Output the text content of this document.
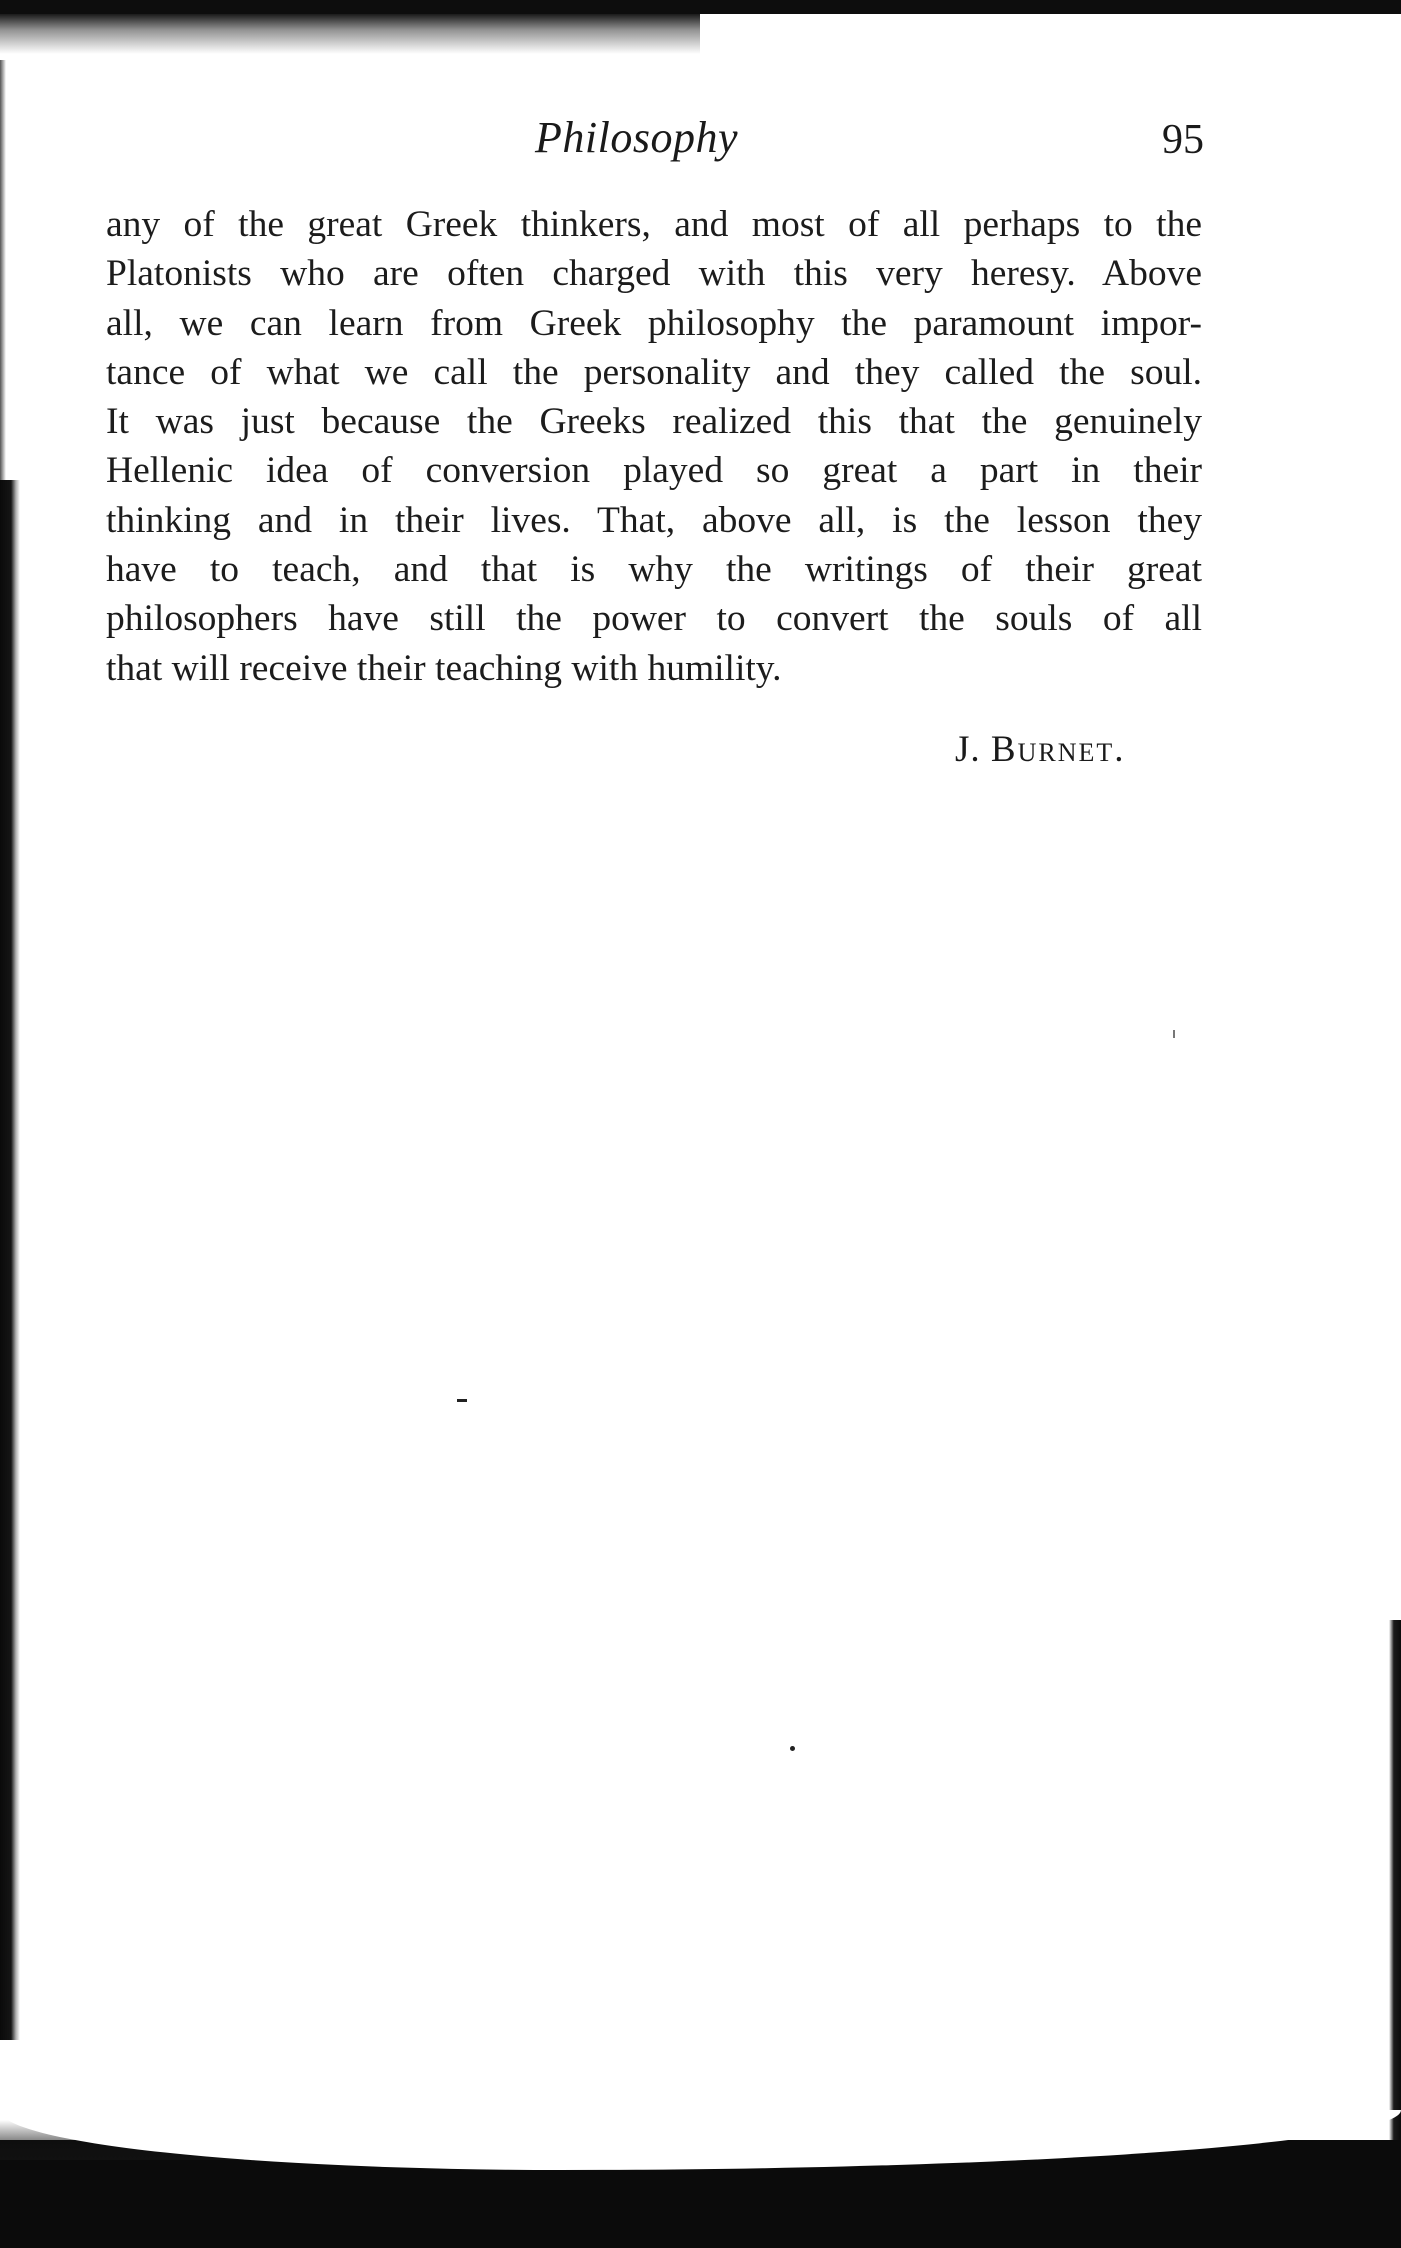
Philosophy	95
any of the great Greek thinkers, and most of all perhaps to the
Platonists who are often charged with this very heresy. Above
all, we can learn from Greek philosophy the paramount impor-
tance of what we call the personality and they called the soul.
It was just because the Greeks realized this that the genuinely
Hellenic idea of conversion played so great a part in their
thinking and in their lives. That, above all, is the lesson they
have to teach, and that is why the writings of their great
philosophers have still the power to convert the souls of all
that will receive their teaching with humility.
J. Burnet.
